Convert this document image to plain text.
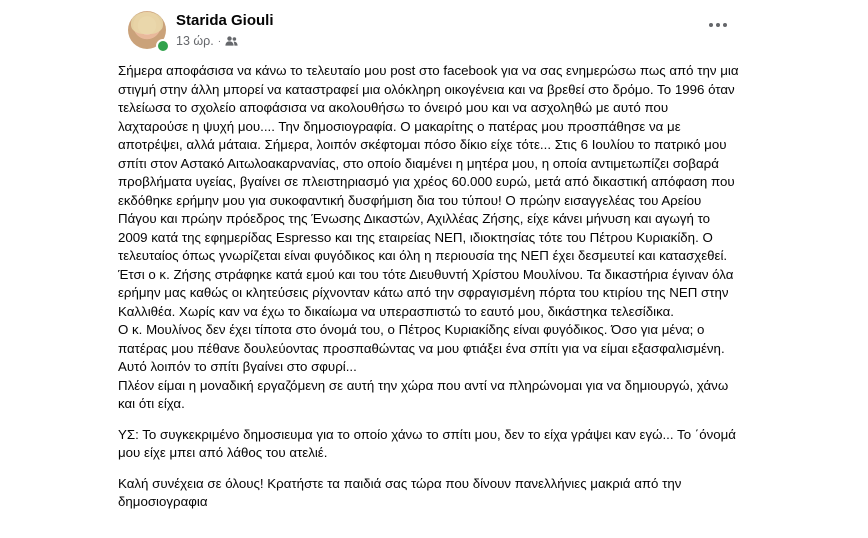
Starida Giouli
13 ώρ. ·

Σήμερα αποφάσισα να κάνω το τελευταίο μου post στο facebook για να σας ενημερώσω πως από την μια στιγμή στην άλλη μπορεί να καταστραφεί μια ολόκληρη οικογένεια και να βρεθεί στο δρόμο. Το 1996 όταν τελείωσα το σχολείο αποφάσισα να ακολουθήσω το όνειρό μου και να ασχοληθώ με αυτό που λαχταρούσε η ψυχή μου.... Την δημοσιογραφία. Ο μακαρίτης ο πατέρας μου προσπάθησε να με αποτρέψει, αλλά μάταια. Σήμερα, λοιπόν σκέφτομαι πόσο δίκιο είχε τότε... Στις 6 Ιουλίου το πατρικό μου σπίτι στον Αστακό Αιτωλοακαρνανίας, στο οποίο διαμένει η μητέρα μου, η οποία αντιμετωπίζει σοβαρά προβλήματα υγείας, βγαίνει σε πλειστηριασμό για χρέος 60.000 ευρώ, μετά από δικαστική απόφαση που εκδόθηκε ερήμην μου για συκοφαντική δυσφήμιση δια του τύπου! Ο πρώην εισαγγελέας του Αρείου Πάγου και πρώην πρόεδρος της Ένωσης Δικαστών, Αχιλλέας Ζήσης, είχε κάνει μήνυση και αγωγή το 2009 κατά της εφημερίδας Espresso και της εταιρείας ΝΕΠ, ιδιοκτησίας τότε του Πέτρου Κυριακίδη. Ο τελευταίος όπως γνωρίζεται είναι φυγόδικος και όλη η περιουσία της ΝΕΠ έχει δεσμευτεί και κατασχεθεί. Έτσι ο κ. Ζήσης στράφηκε κατά εμού και του τότε Διευθυντή Χρίστου Μουλίνου. Τα δικαστήρια έγιναν όλα ερήμην μας καθώς οι κλητεύσεις ρίχνονταν κάτω από την σφραγισμένη πόρτα του κτιρίου της ΝΕΠ στην Καλλιθέα. Χωρίς καν να έχω το δικαίωμα να υπερασπιστώ το εαυτό μου, δικάστηκα τελεσίδικα.

Ο κ. Μουλίνος δεν έχει τίποτα στο όνομά του, ο Πέτρος Κυριακίδης είναι φυγόδικος. Όσο για μένα; ο πατέρας μου πέθανε δουλεύοντας προσπαθώντας να μου φτιάξει ένα σπίτι για να είμαι εξασφαλισμένη. Αυτό λοιπόν το σπίτι βγαίνει στο σφυρί...

Πλέον είμαι η μοναδική εργαζόμενη σε αυτή την χώρα που αντί να πληρώνομαι για να δημιουργώ, χάνω και ότι είχα.

ΥΣ: Το συγκεκριμένο δημοσιευμα για το οποίο χάνω το σπίτι μου, δεν το είχα γράψει καν εγώ... Το ΄όνομά μου είχε μπει από λάθος του ατελιέ.

Καλή συνέχεια σε όλους! Κρατήστε τα παιδιά σας τώρα που δίνουν πανελλήνιες μακριά από την δημοσιογραφια
